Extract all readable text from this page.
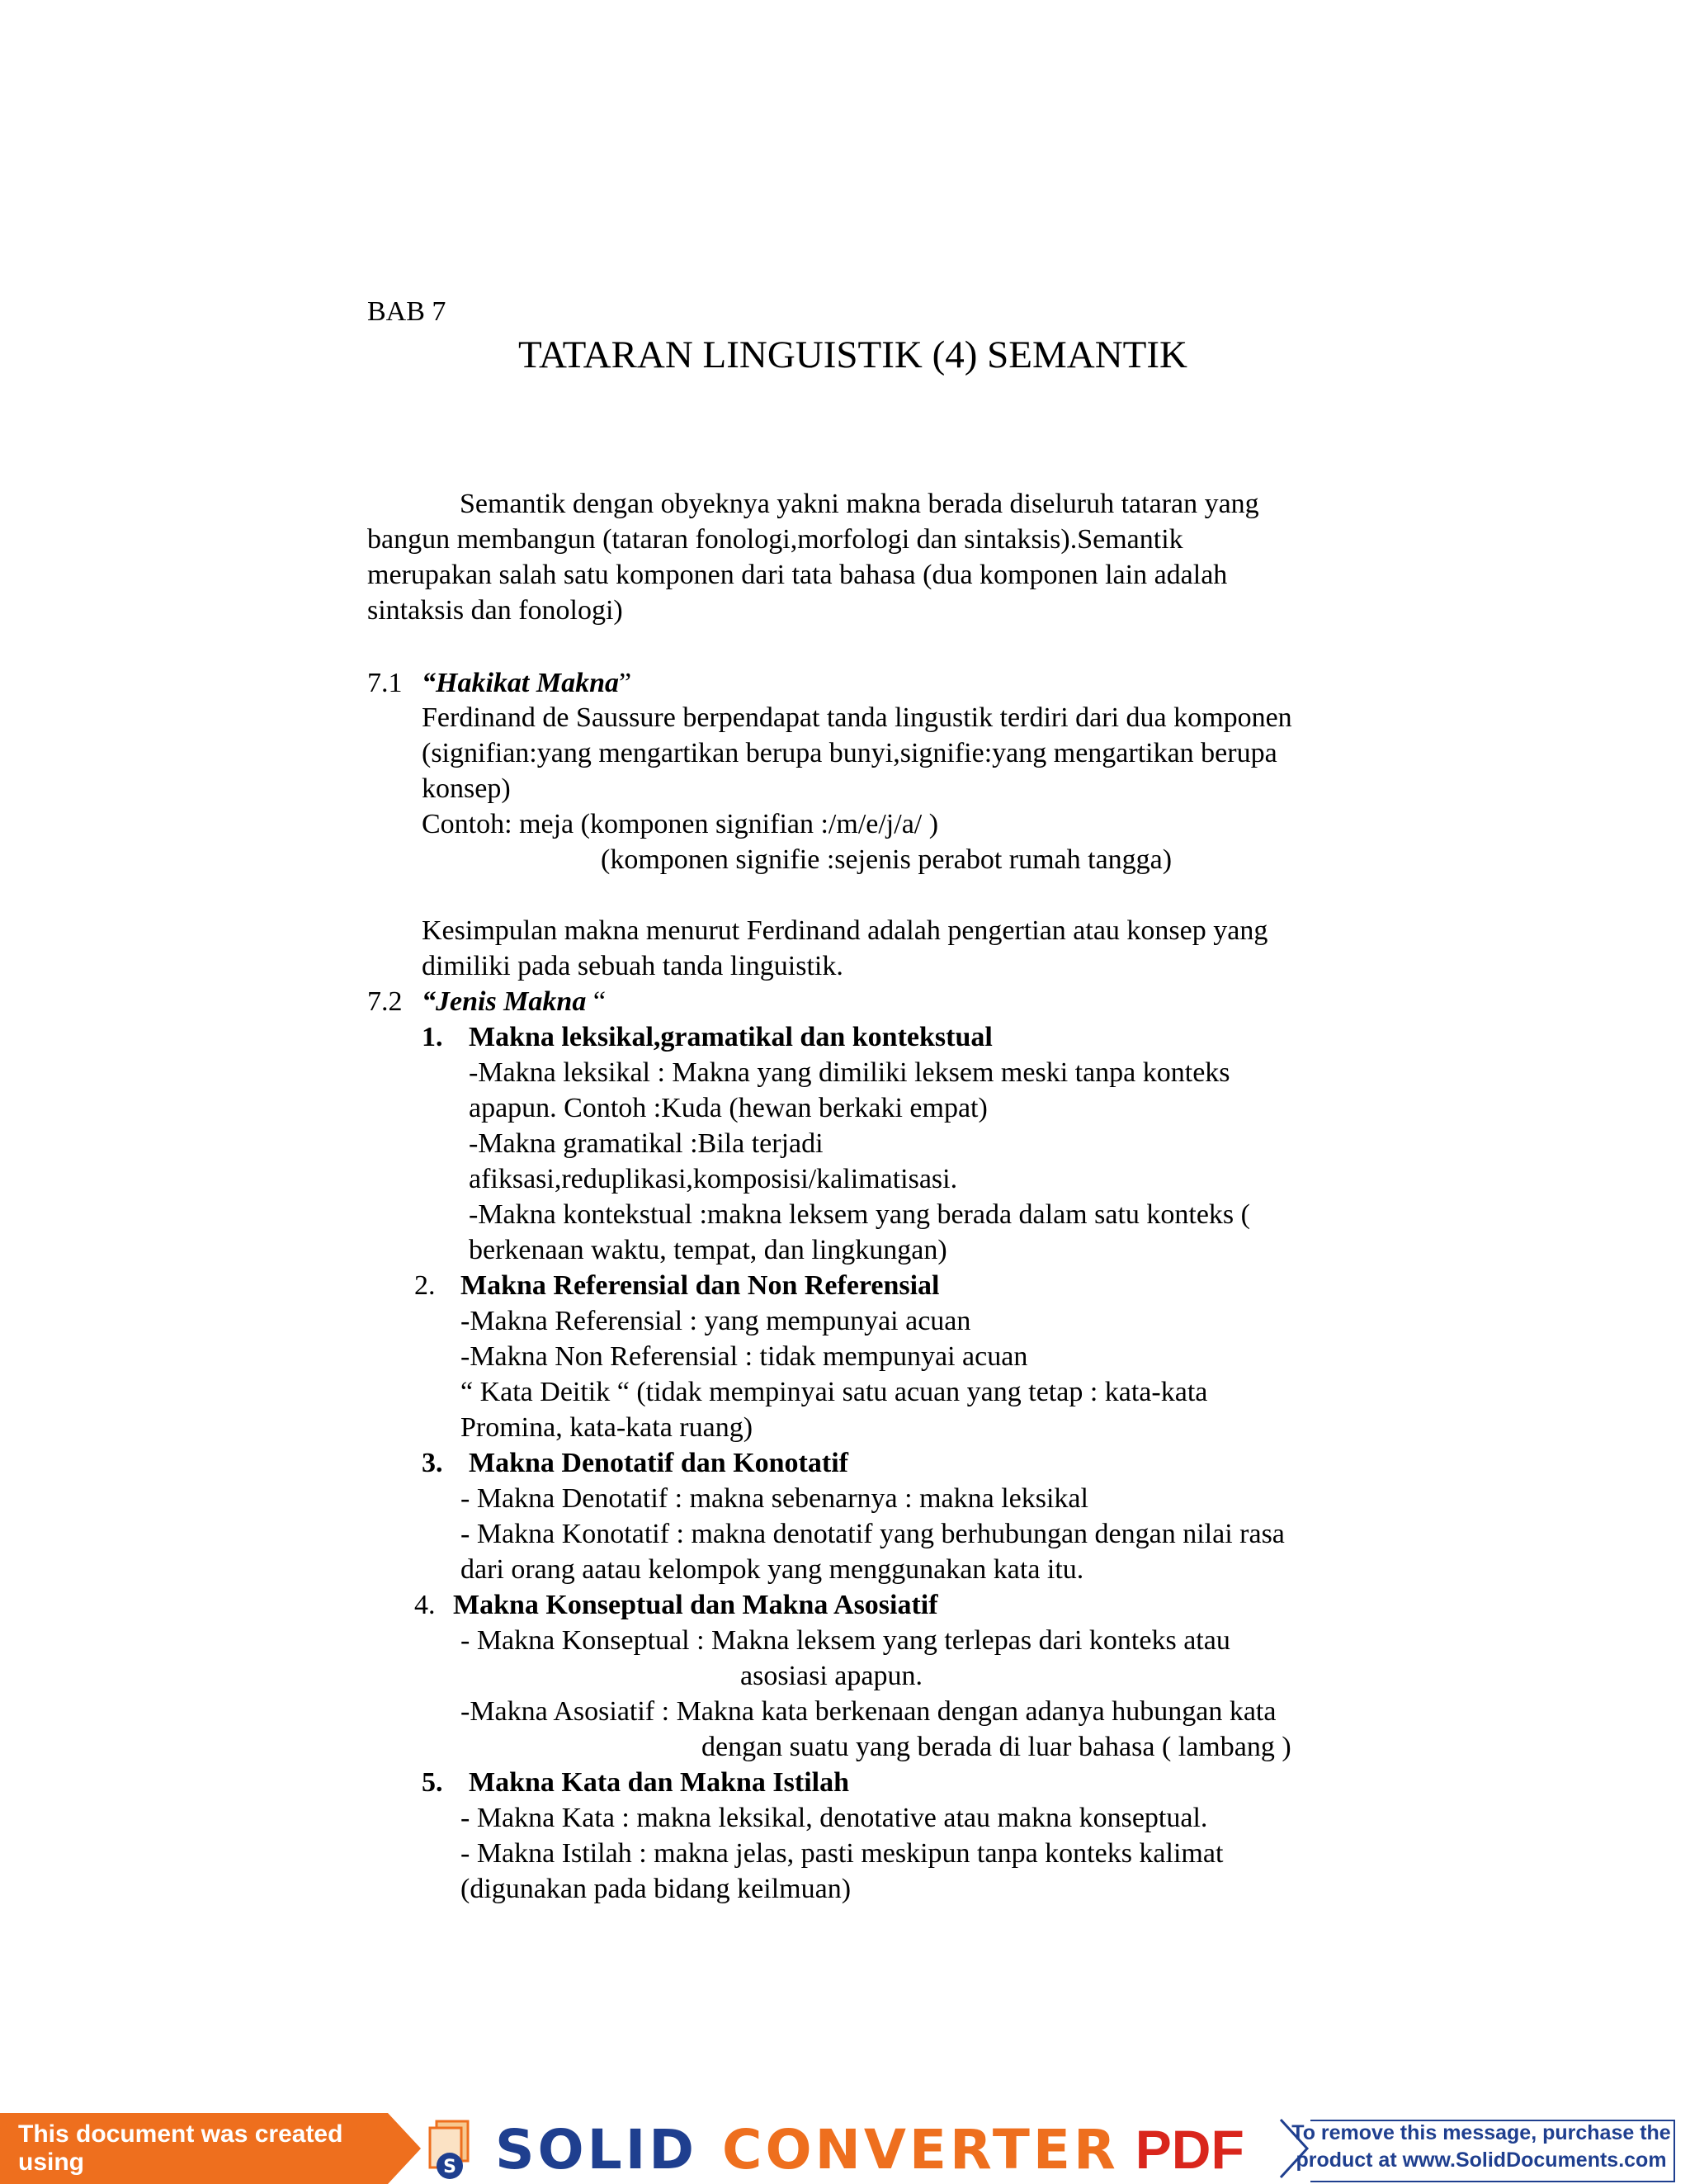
BAB 7
TATARAN LINGUISTIK (4) SEMANTIK
Semantik dengan obyeknya yakni makna berada diseluruh tataran yang
bangun membangun (tataran fonologi,morfologi dan sintaksis).Semantik
merupakan salah satu komponen dari tata bahasa (dua komponen lain adalah
sintaksis dan fonologi)
7.1 “Hakikat Makna”
Ferdinand de Saussure berpendapat tanda lingustik terdiri dari dua komponen
(signifian:yang mengartikan berupa bunyi,signifie:yang mengartikan berupa
konsep)
Contoh: meja (komponen signifian :/m/e/j/a/ )
(komponen signifie :sejenis perabot rumah tangga)
Kesimpulan makna menurut Ferdinand adalah pengertian atau konsep yang
dimiliki pada sebuah tanda linguistik.
7.2 “Jenis Makna “
1. Makna leksikal,gramatikal dan kontekstual
-Makna leksikal : Makna yang dimiliki leksem meski tanpa konteks
apapun. Contoh :Kuda (hewan berkaki empat)
-Makna gramatikal :Bila terjadi
afiksasi,reduplikasi,komposisi/kalimatisasi.
-Makna kontekstual :makna leksem yang berada dalam satu konteks (
berkenaan waktu, tempat, dan lingkungan)
2. Makna Referensial dan Non Referensial
-Makna Referensial : yang mempunyai acuan
-Makna Non Referensial : tidak mempunyai acuan
“ Kata Deitik “ (tidak mempinyai satu acuan yang tetap : kata-kata
Promina, kata-kata ruang)
3. Makna Denotatif dan Konotatif
- Makna Denotatif : makna sebenarnya : makna leksikal
- Makna Konotatif : makna denotatif yang berhubungan dengan nilai rasa
dari orang aatau kelompok yang menggunakan kata itu.
4. Makna Konseptual dan Makna Asosiatif
- Makna Konseptual : Makna leksem yang terlepas dari konteks atau
asosiasi apapun.
-Makna Asosiatif : Makna kata berkenaan dengan adanya hubungan kata
dengan suatu yang berada di luar bahasa ( lambang )
5. Makna Kata dan Makna Istilah
- Makna Kata : makna leksikal, denotative atau makna konseptual.
- Makna Istilah : makna jelas, pasti meskipun tanpa konteks kalimat
(digunakan pada bidang keilmuan)
This document was created using	S SOLID CONVERTER PDF To remove this message, purchase the
product at www.SolidDocuments.com
